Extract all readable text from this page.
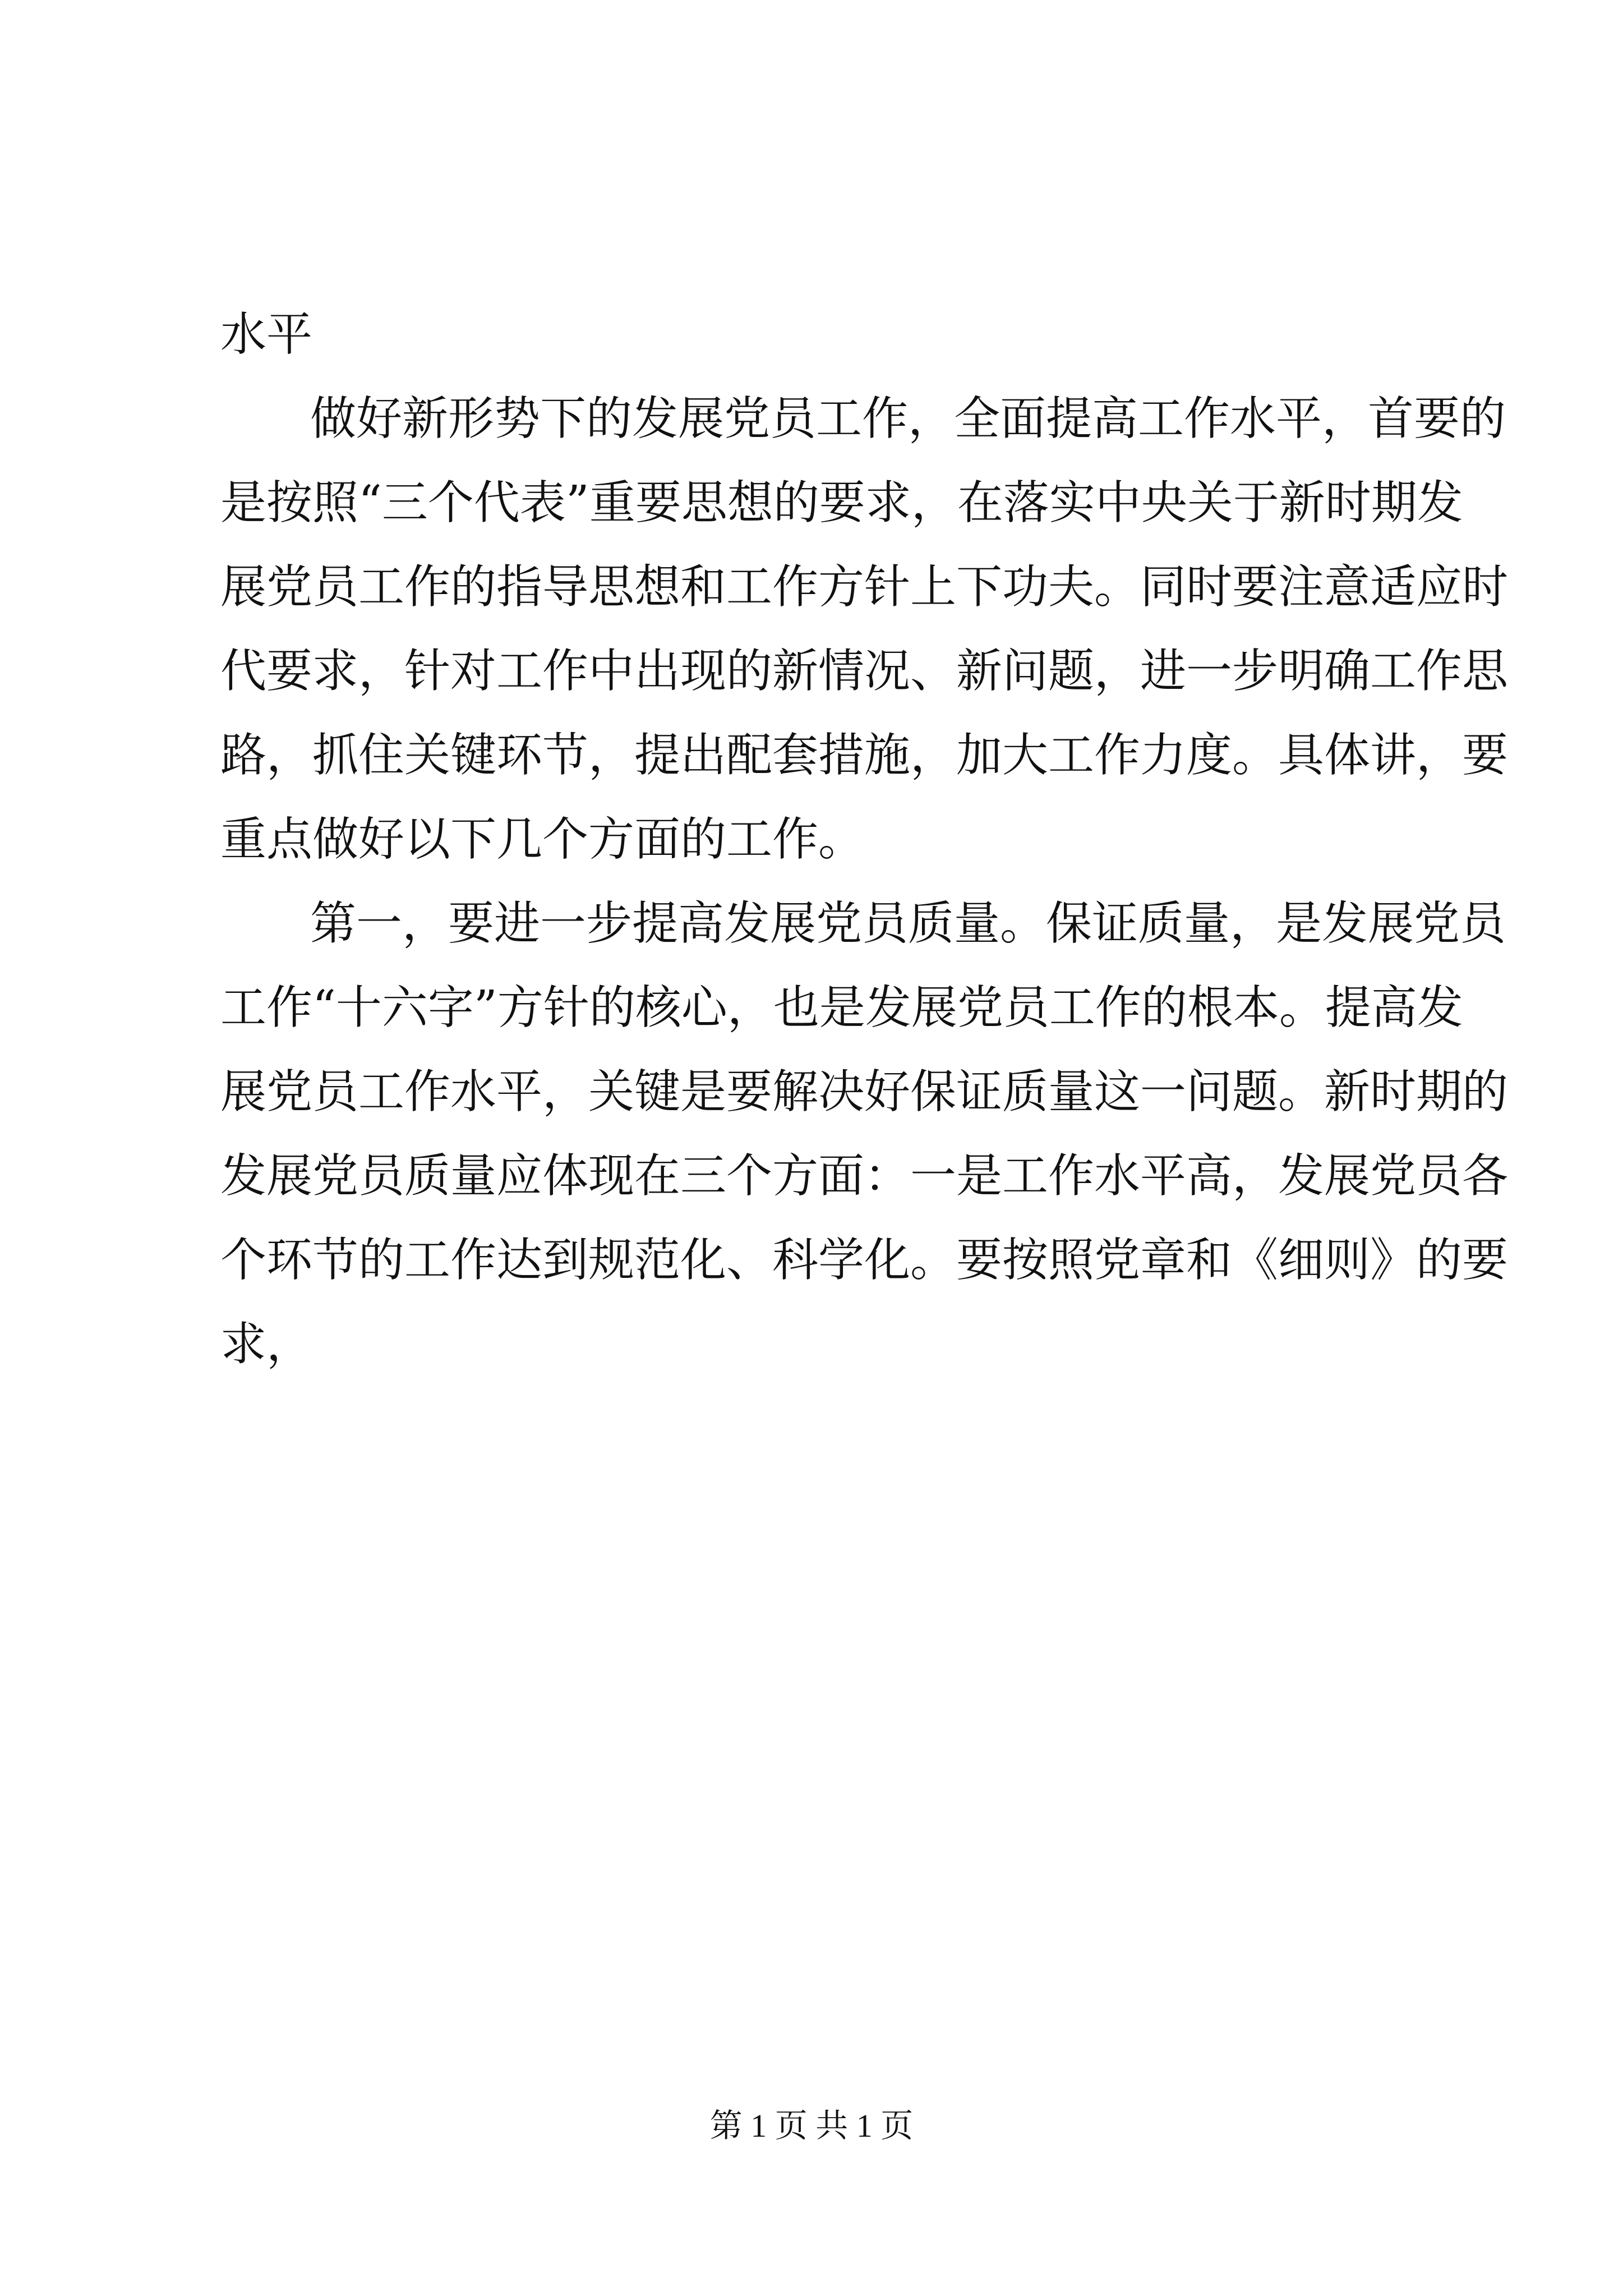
水平
做好新形势下的发展党员工作，全面提高工作水平，首要的
是按照“三个代表”重要思想的要求，在落实中央关于新时期发
展党员工作的指导思想和工作方针上下功夫。同时要注意适应时
代要求，针对工作中出现的新情况、新问题，进一步明确工作思
路，抓住关键环节，提出配套措施，加大工作力度。具体讲，要
重点做好以下几个方面的工作。
第一，要进一步提高发展党员质量。保证质量，是发展党员
工作“十六字”方针的核心，也是发展党员工作的根本。提高发
展党员工作水平，关键是要解决好保证质量这一问题。新时期的
发展党员质量应体现在三个方面：一是工作水平高，发展党员各
个环节的工作达到规范化、科学化。要按照党章和《细则》的要
求，
第 1 页 共 1 页
